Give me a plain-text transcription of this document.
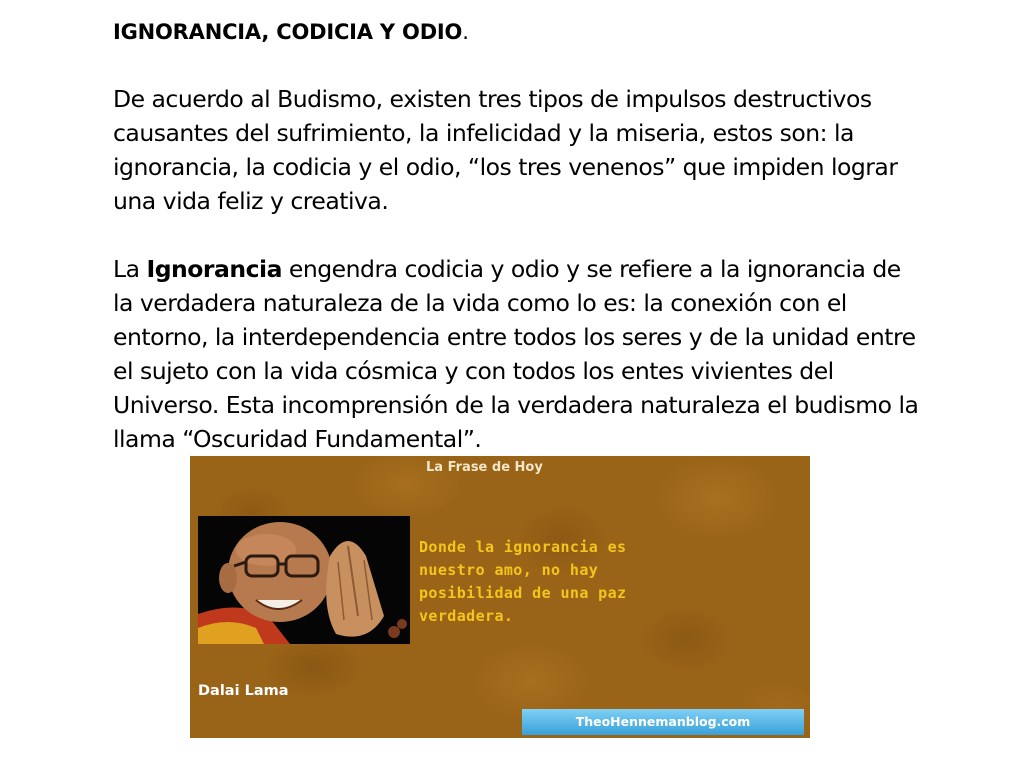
IGNORANCIA, CODICIA Y ODIO.

De acuerdo al Budismo, existen tres tipos de impulsos destructivos
causantes del sufrimiento, la infelicidad y la miseria, estos son: la
ignorancia, la codicia y el odio, “los tres venenos” que impiden lograr
una vida feliz y creativa.

La Ignorancia engendra codicia y odio y se refiere a la ignorancia de
la verdadera naturaleza de la vida como lo es: la conexión con el
entorno, la interdependencia entre todos los seres y de la unidad entre
el sujeto con la vida cósmica y con todos los entes vivientes del
Universo. Esta incomprensión de la verdadera naturaleza el budismo la
llama “Oscuridad Fundamental”.

La Frase de Hoy

Donde la ignorancia es
nuestro amo, no hay
posibilidad de una paz
verdadera.

Dalai Lama
TheoHennemanblog.com
